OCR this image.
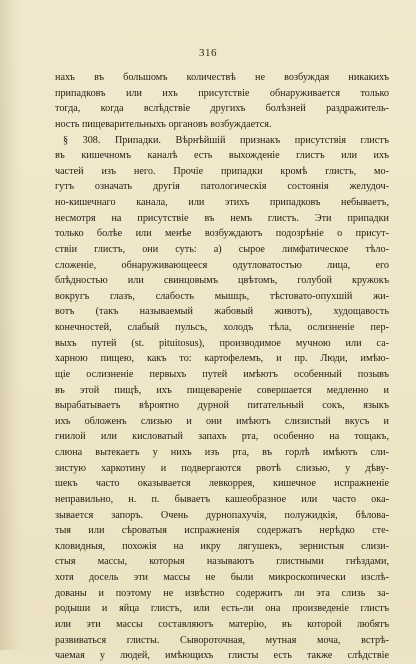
316
нахъ въ большомъ количествѣ не возбуждая никакихъ
припадковъ или ихъ присутствіе обнаруживается только
тогда, когда вслѣдствіе другихъ болѣзней раздражитель-
ность пищеварительныхъ органовъ возбуждается.
§ 308. Припадки. Вѣрнѣйшій признакъ присутствія глистъ
въ кишечномъ каналѣ есть выхожденіе глистъ или ихъ
частей изъ него. Прочіе припадки кромѣ глистъ, мо-
гутъ означать другія патологическія состоянія желудоч-
но-кишечнаго канала, или этихъ припадковъ небываетъ,
несмотря на присутствіе въ немъ глистъ. Эти припадки
только болѣе или менѣе возбуждаютъ подозрѣніе о присут-
ствіи глистъ, они суть: а) сырое лимфатическое тѣло-
сложеніе, обнаруживающееся одутловатостью лица, его
блѣдностью или свинцовымъ цвѣтомъ, голубой кружокъ
вокругъ глазъ, слабость мышцъ, тѣстовато-опухшій жи-
вотъ (такъ называемый жабовый животъ), худощавость
конечностей, слабый пульсъ, холодъ тѣла, ослизненіе пер-
выхъ путей (st. pituitosus), производимое мучною или са-
харною пищею, какъ то: картофелемъ, и пр. Люди, имѣю-
щіе ослизненіе первыхъ путей имѣютъ особенный позывъ
въ этой пищѣ, ихъ пищевареніе совершается медленно и
вырабатываетъ вѣроятно дурной питательный сокъ, языкъ
ихъ обложенъ слизью и они имѣютъ слизистый вкусъ и
гнилой или кисловатый запахъ рта, особенно на тощакъ,
слюна вытекаетъ у нихъ изъ рта, въ горлѣ имѣютъ сли-
зистую харкотину и подвергаются рвотѣ слизью, у дѣву-
шекъ часто оказывается левкоррея, кишечное испражненіе
неправильно, н. п. бываетъ кашеобразное или часто ока-
зывается запоръ. Очень дурнопахучія, полужидкія, бѣлова-
тыя или сѣроватыя испражненія содержатъ нерѣдко сте-
кловидныя, похожія на икру лягушекъ, зернистыя слизи-
стыя массы, которыя называютъ глистными гнѣздами,
хотя досель эти массы не были микроскопически изслѣ-
дованы и поэтому не извѣстно содержитъ ли эта слизь за-
родыши и яйца глистъ, или есть-ли она произведеніе глистъ
или эти массы составляютъ матерію, въ которой любятъ
развиваться глисты. Сывороточная, мутная моча, встрѣ-
чаемая у людей, имѣющихъ глисты есть также слѣдствіе
